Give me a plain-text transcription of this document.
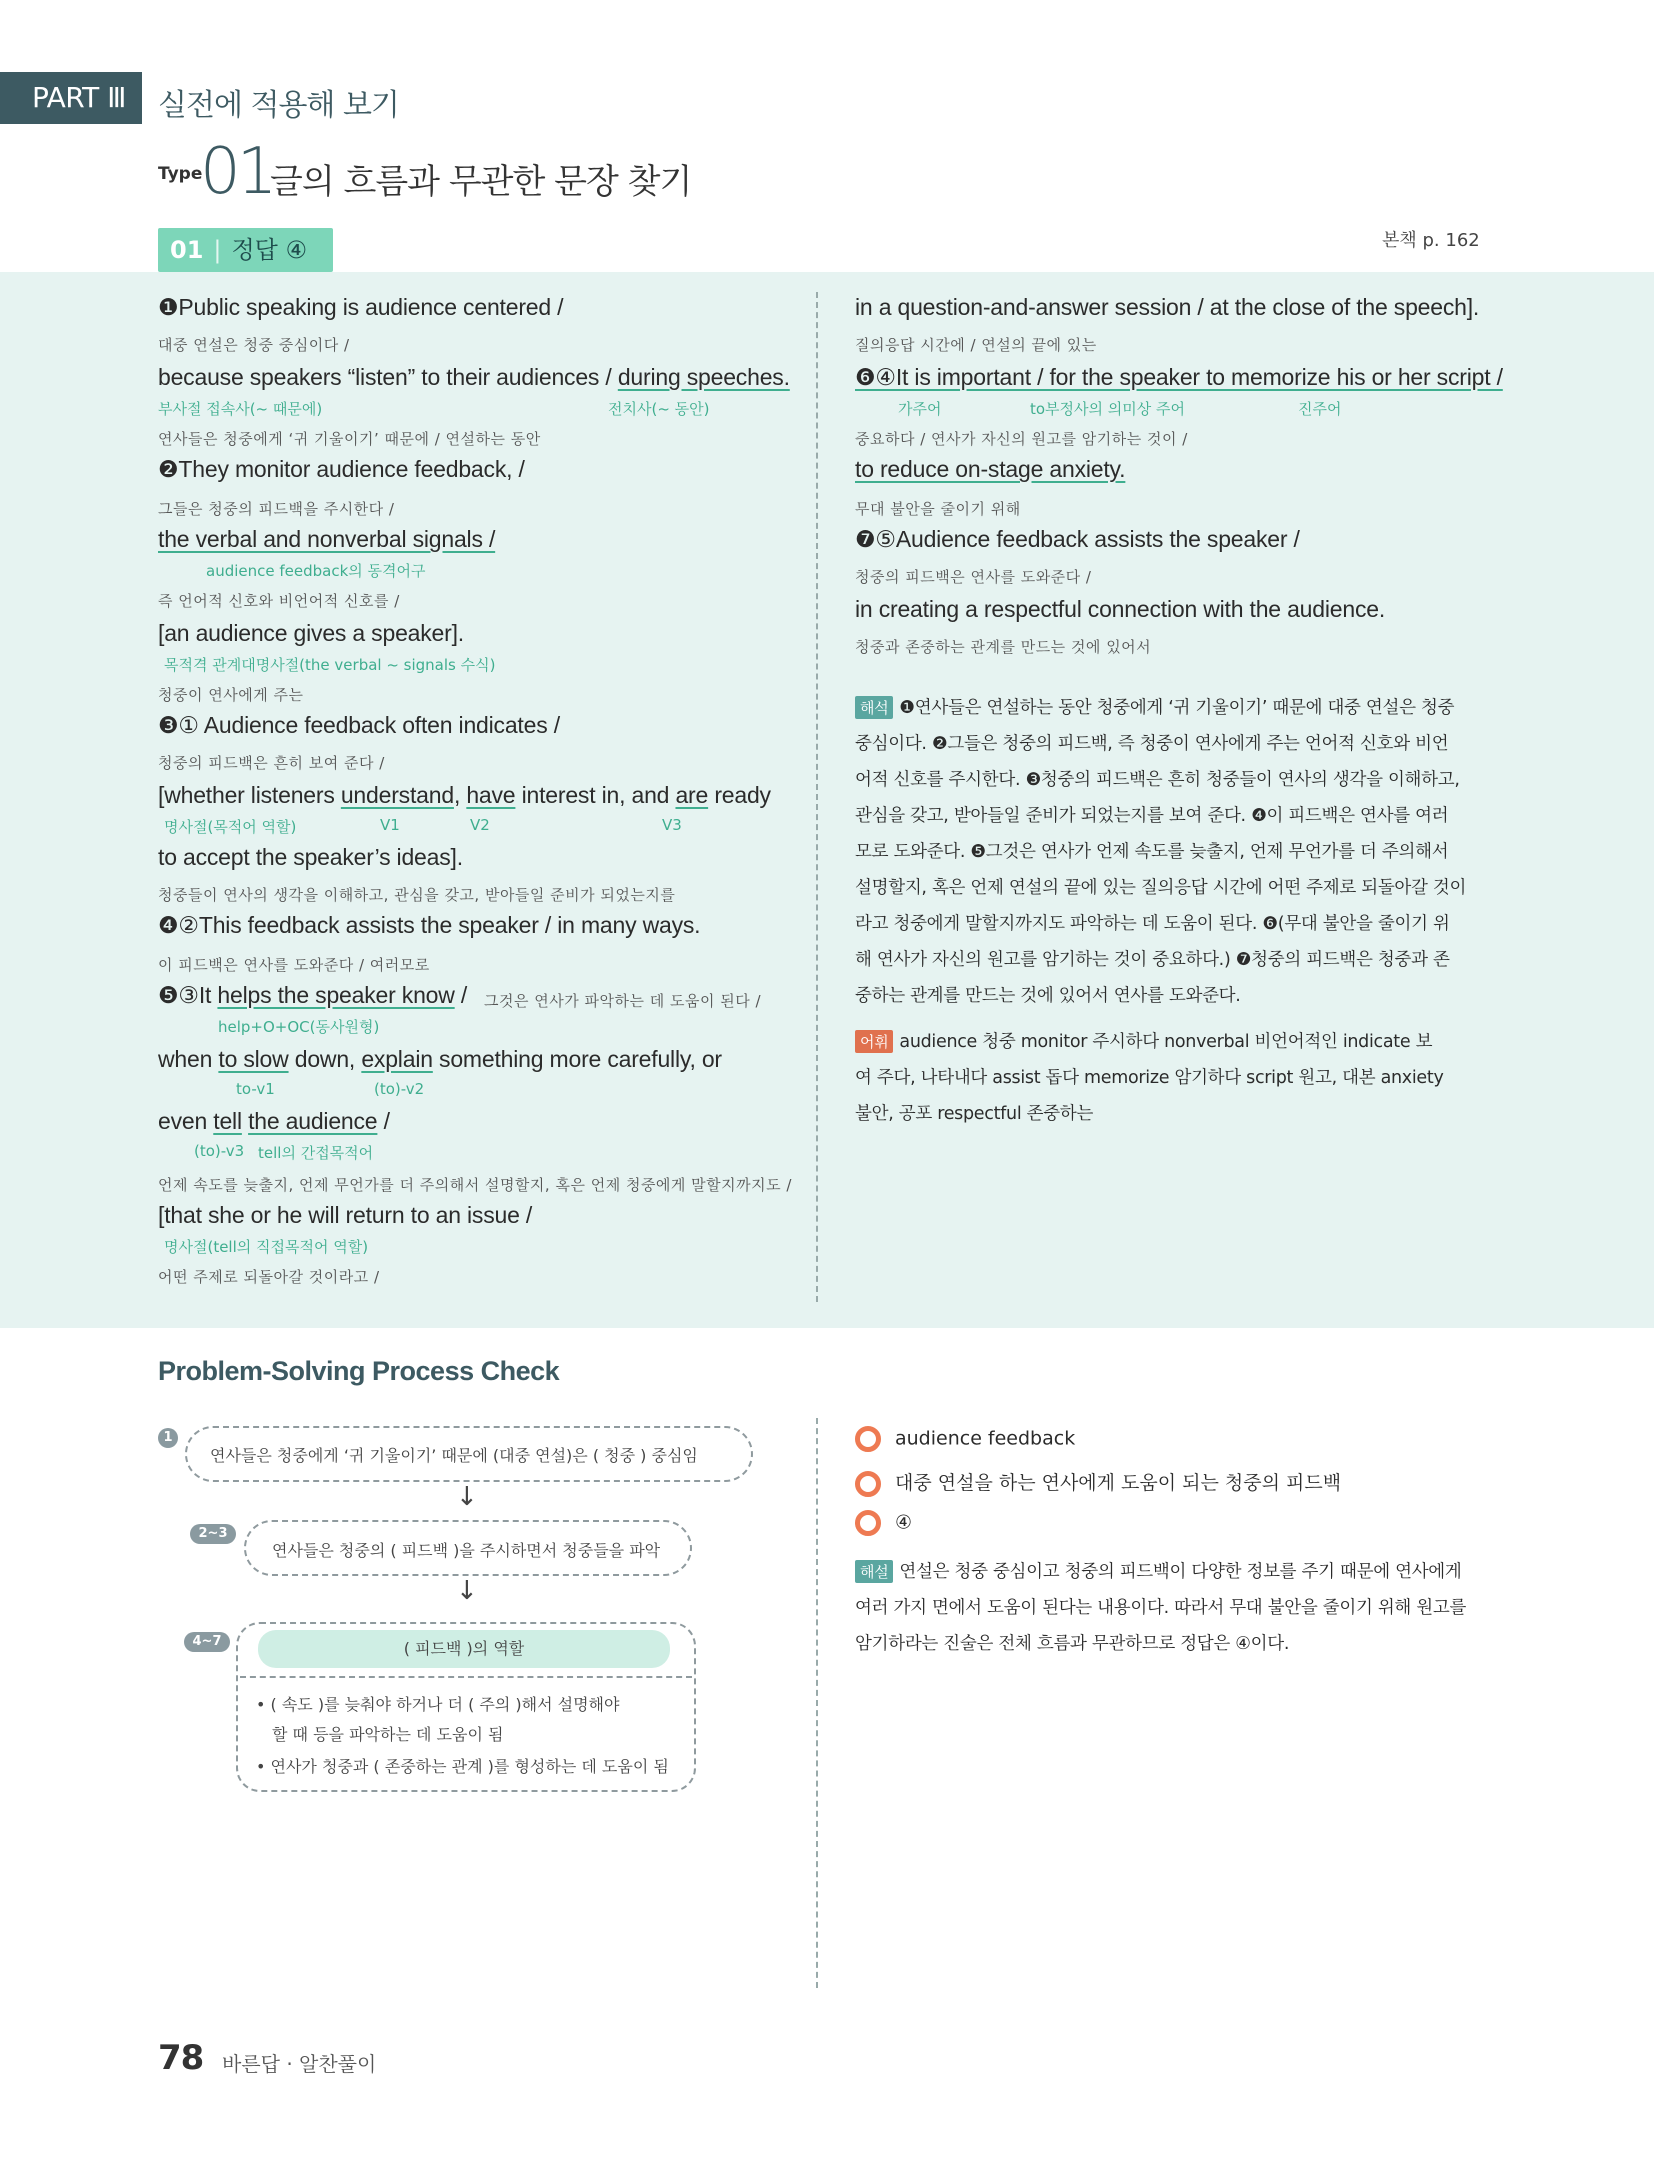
PART Ⅲ	실전에 적용해 보기
Type
01
글의 흐름과 무관한 문장 찾기
01 | 정답 ④	본책 p. 162
❶Public speaking is audience centered /
대중 연설은 청중 중심이다 /
because speakers “listen” to their audiences / during speeches.
부사절 접속사(~ 때문에)	전치사(~ 동안)
연사들은 청중에게 ‘귀 기울이기’ 때문에 / 연설하는 동안
❷They monitor audience feedback, /
그들은 청중의 피드백을 주시한다 /
the verbal and nonverbal signals /
audience feedback의 동격어구
즉 언어적 신호와 비언어적 신호를 /
[an audience gives a speaker].
목적격 관계대명사절(the verbal ~ signals 수식)
청중이 연사에게 주는
❸① Audience feedback often indicates /
청중의 피드백은 흔히 보여 준다 /
[whether listeners understand, have interest in, and are ready
명사절(목적어 역할)	V1	V2	V3
to accept the speaker’s ideas].
청중들이 연사의 생각을 이해하고, 관심을 갖고, 받아들일 준비가 되었는지를
❹②This feedback assists the speaker / in many ways.
이 피드백은 연사를 도와준다 / 여러모로
❺③It helps the speaker know / 그것은 연사가 파악하는 데 도움이 된다 /
help+O+OC(동사원형)
when to slow down, explain something more carefully, or
to-v1	(to)-v2
even tell the audience /
(to)-v3 tell의 간접목적어
언제 속도를 늦출지, 언제 무언가를 더 주의해서 설명할지, 혹은 언제 청중에게 말할지까지도 /
[that she or he will return to an issue /
명사절(tell의 직접목적어 역할)
어떤 주제로 되돌아갈 것이라고 /
in a question-and-answer session / at the close of the speech].
질의응답 시간에 / 연설의 끝에 있는
❻④It is important / for the speaker to memorize his or her script /
가주어	to부정사의 의미상 주어	진주어
중요하다 / 연사가 자신의 원고를 암기하는 것이 /
to reduce on-stage anxiety.
무대 불안을 줄이기 위해
❼⑤Audience feedback assists the speaker /
청중의 피드백은 연사를 도와준다 /
in creating a respectful connection with the audience.
청중과 존중하는 관계를 만드는 것에 있어서
해석 ❶연사들은 연설하는 동안 청중에게 ‘귀 기울이기’ 때문에 대중 연설은 청중
중심이다. ❷그들은 청중의 피드백, 즉 청중이 연사에게 주는 언어적 신호와 비언
어적 신호를 주시한다. ❸청중의 피드백은 흔히 청중들이 연사의 생각을 이해하고,
관심을 갖고, 받아들일 준비가 되었는지를 보여 준다. ❹이 피드백은 연사를 여러
모로 도와준다. ❺그것은 연사가 언제 속도를 늦출지, 언제 무언가를 더 주의해서
설명할지, 혹은 언제 연설의 끝에 있는 질의응답 시간에 어떤 주제로 되돌아갈 것이
라고 청중에게 말할지까지도 파악하는 데 도움이 된다. ❻(무대 불안을 줄이기 위
해 연사가 자신의 원고를 암기하는 것이 중요하다.) ❼청중의 피드백은 청중과 존
중하는 관계를 만드는 것에 있어서 연사를 도와준다.
어휘 audience 청중 monitor 주시하다 nonverbal 비언어적인 indicate 보
여 주다, 나타내다 assist 돕다 memorize 암기하다 script 원고, 대본 anxiety
불안, 공포 respectful 존중하는
Problem-Solving Process Check
1
연사들은 청중에게 ‘귀 기울이기’ 때문에 (대중 연설)은 ( 청중 ) 중심임
↓
2~3
연사들은 청중의 ( 피드백 )을 주시하면서 청중들을 파악
↓
4~7	( 피드백 )의 역할
• ( 속도 )를 늦춰야 하거나 더 ( 주의 )해서 설명해야
할 때 등을 파악하는 데 도움이 됨
• 연사가 청중과 ( 존중하는 관계 )를 형성하는 데 도움이 됨
audience feedback
대중 연설을 하는 연사에게 도움이 되는 청중의 피드백
④
해설 연설은 청중 중심이고 청중의 피드백이 다양한 정보를 주기 때문에 연사에게
여러 가지 면에서 도움이 된다는 내용이다. 따라서 무대 불안을 줄이기 위해 원고를
암기하라는 진술은 전체 흐름과 무관하므로 정답은 ④이다.
78 바른답 · 알찬풀이
